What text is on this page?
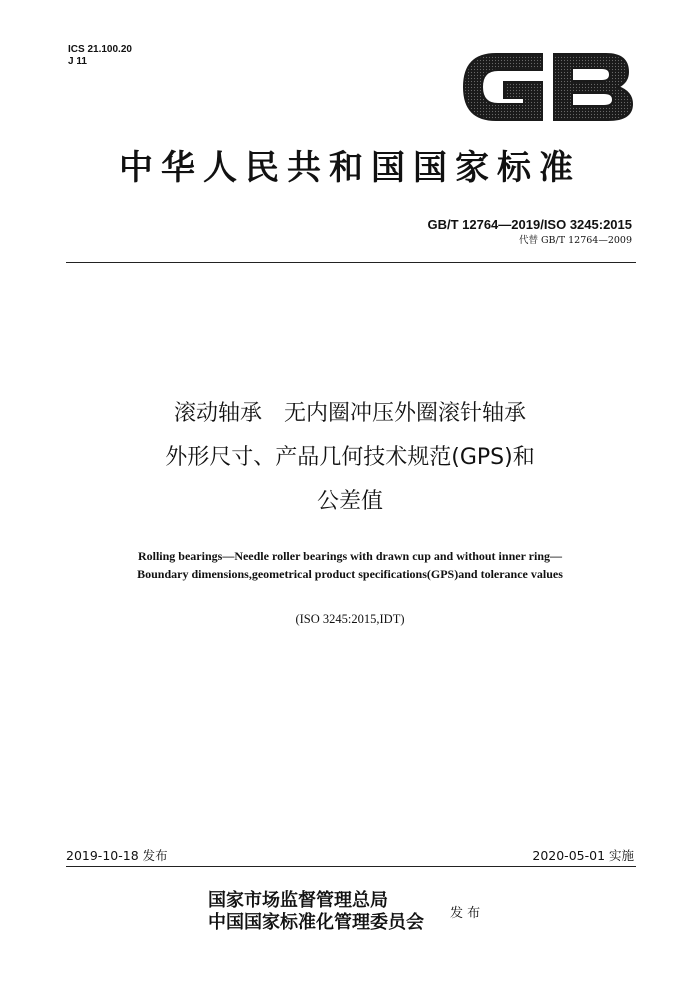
ICS 21.100.20
J 11
中华人民共和国国家标准
GB/T 12764—2019/ISO 3245:2015
代替 GB/T 12764—2009
滚动轴承　无内圈冲压外圈滚针轴承
外形尺寸、产品几何技术规范(GPS)和
公差值
Rolling bearings—Needle roller bearings with drawn cup and without inner ring—
Boundary dimensions,geometrical product specifications(GPS)and tolerance values
(ISO 3245:2015,IDT)
2019-10-18 发布	2020-05-01 实施
国家市场监督管理总局
中国国家标准化管理委员会 发 布
